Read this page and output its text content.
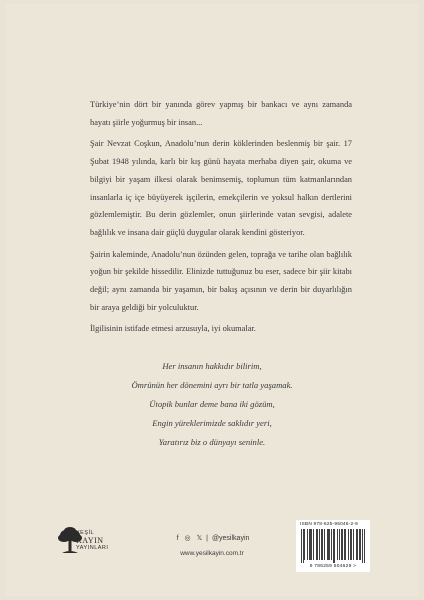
Türkiye’nin dört bir yanında görev yapmış bir bankacı ve aynı zamanda hayatı şiirle yoğurmuş bir insan...

Şair Nevzat Coşkun, Anadolu’nun derin köklerinden beslenmiş bir şair. 17 Şubat 1948 yılında, karlı bir kış günü hayata merhaba diyen şair, okuma ve bilgiyi bir yaşam ilkesi olarak benimsemiş, toplumun tüm katmanlarından insanlarla iç içe büyüyerek işçilerin, emekçilerin ve yoksul halkın dertlerini gözlemlemiştir. Bu derin gözlemler, onun şiirlerinde vatan sevgisi, adalete bağlılık ve insana dair güçlü duygular olarak kendini gösteriyor.

Şairin kaleminde, Anadolu’nun özünden gelen, toprağa ve tarihe olan bağlılık yoğun bir şekilde hissedilir. Elinizde tuttuğunuz bu eser, sadece bir şiir kitabı değil; aynı zamanda bir yaşamın, bir bakış açısının ve derin bir duyarlılığın bir araya geldiği bir yolculuktur.

İlgilisinin istifade etmesi arzusuyla, iyi okumalar.

Her insanın hakkıdır bilirim,
Ömrünün her dönemini ayrı bir tatla yaşamak.
Ütopik bunlar deme bana iki gözüm,
Engin yüreklerimizde saklıdır yeri,
Yaratırız biz o dünyayı seninle.
YEŞİL
KAYIN
YAYINLARI
f ◎ 𝕏 | @yesilkayin
www.yesilkayin.com.tr
ISBN 978-625-95046-2-9
9 786259 504629 >
